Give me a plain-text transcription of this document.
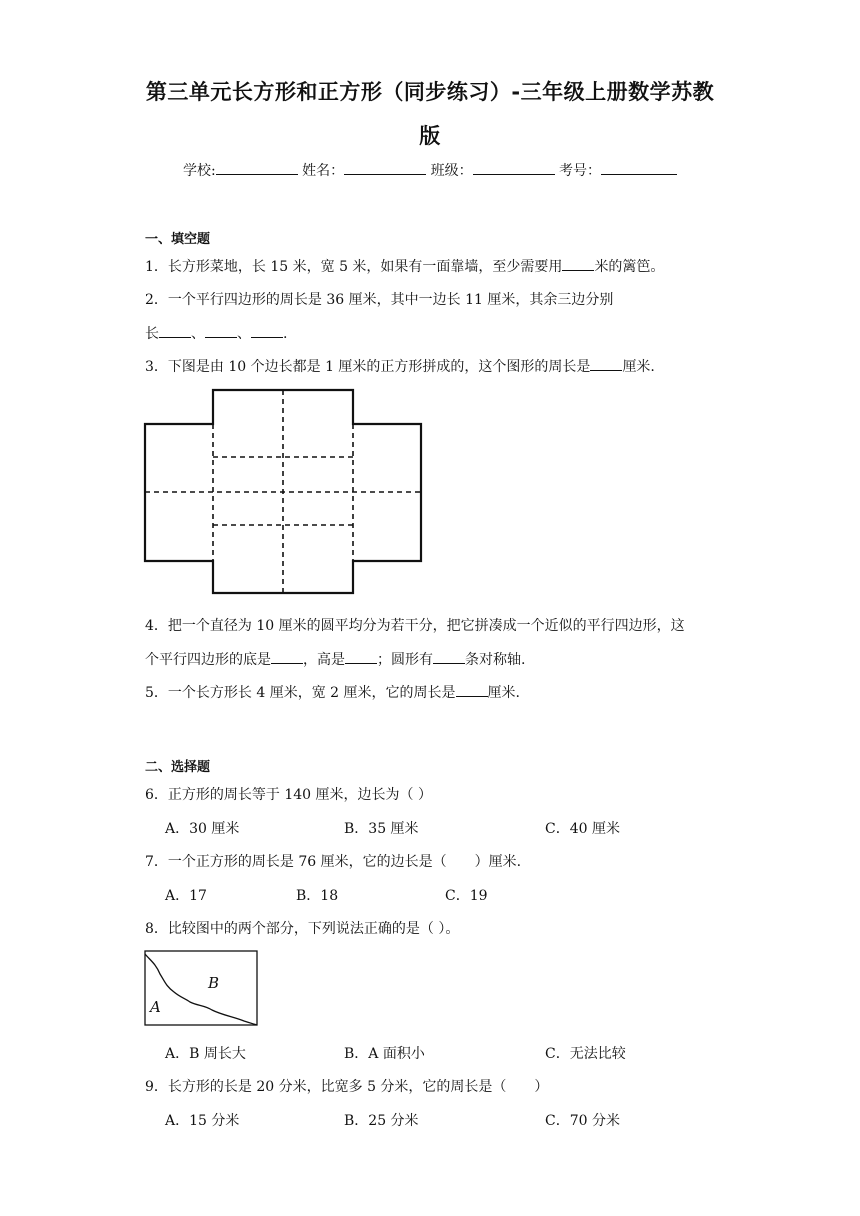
第三单元长方形和正方形（同步练习）-三年级上册数学苏教
版
学校:	姓名：	班级：	考号：
一、填空题
1．长方形菜地，长 15 米，宽 5 米，如果有一面靠墙，至少需要用 米的篱笆。
2．一个平行四边形的周长是 36 厘米，其中一边长 11 厘米，其余三边分别
长 、 、 .
3．下图是由 10 个边长都是 1 厘米的正方形拼成的，这个图形的周长是 厘米.
4．把一个直径为 10 厘米的圆平均分为若干分，把它拼凑成一个近似的平行四边形，这
个平行四边形的底是 ，高是 ；圆形有 条对称轴.
5．一个长方形长 4 厘米，宽 2 厘米，它的周长是 厘米.
二、选择题
6．正方形的周长等于 140 厘米，边长为（ ）
A．30 厘米	B．35 厘米	C．40 厘米
7．一个正方形的周长是 76 厘米，它的边长是（　　）厘米.
A．17	B．18	C．19
8．比较图中的两个部分，下列说法正确的是（ ）。
B
A
A．B 周长大	B．A 面积小	C．无法比较
9．长方形的长是 20 分米，比宽多 5 分米，它的周长是（　　）
A．15 分米	B．25 分米	C．70 分米
